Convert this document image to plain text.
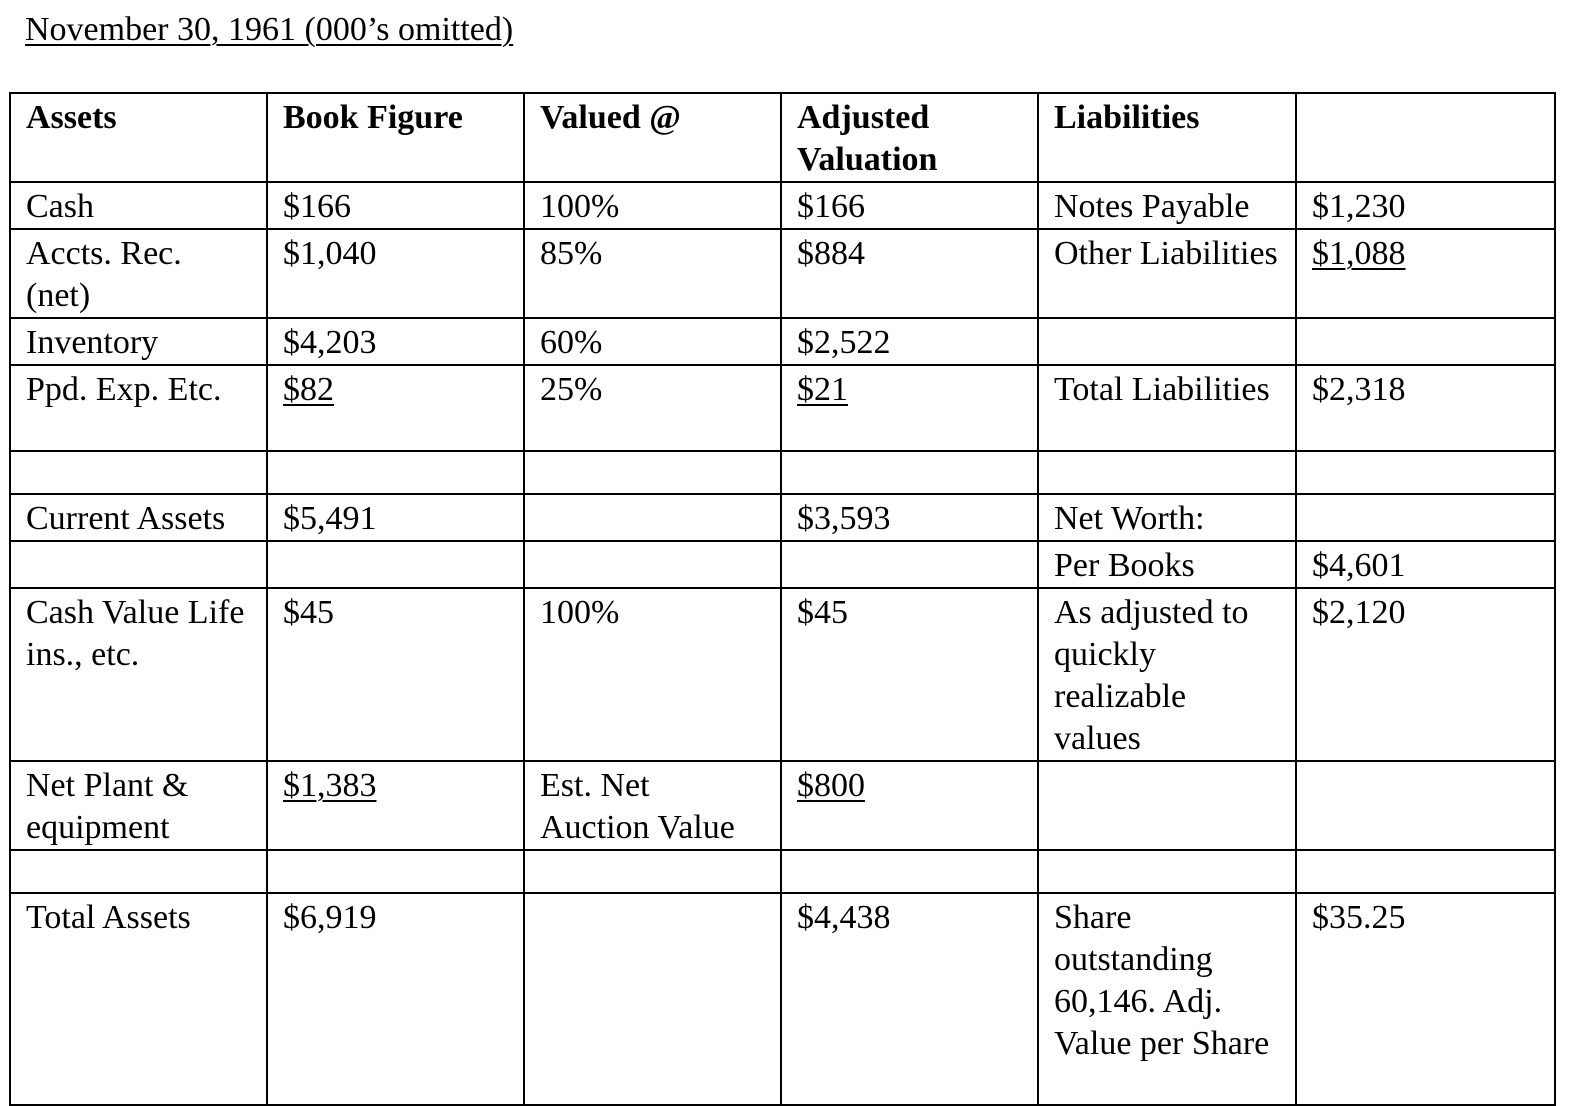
November 30, 1961 (000’s omitted)
Assets	Book Figure	Valued @	Adjusted Valuation	Liabilities	
Cash	$166	100%	$166	Notes Payable	$1,230
Accts. Rec. (net)	$1,040	85%	$884	Other Liabilities	$1,088
Inventory	$4,203	60%	$2,522		
Ppd. Exp. Etc.	$82	25%	$21	Total Liabilities	$2,318

Current Assets	$5,491		$3,593	Net Worth:	
				Per Books	$4,601
Cash Value Life ins., etc.	$45	100%	$45	As adjusted to quickly realizable values	$2,120
Net Plant & equipment	$1,383	Est. Net Auction Value	$800		

Total Assets	$6,919		$4,438	Share outstanding 60,146. Adj. Value per Share	$35.25
